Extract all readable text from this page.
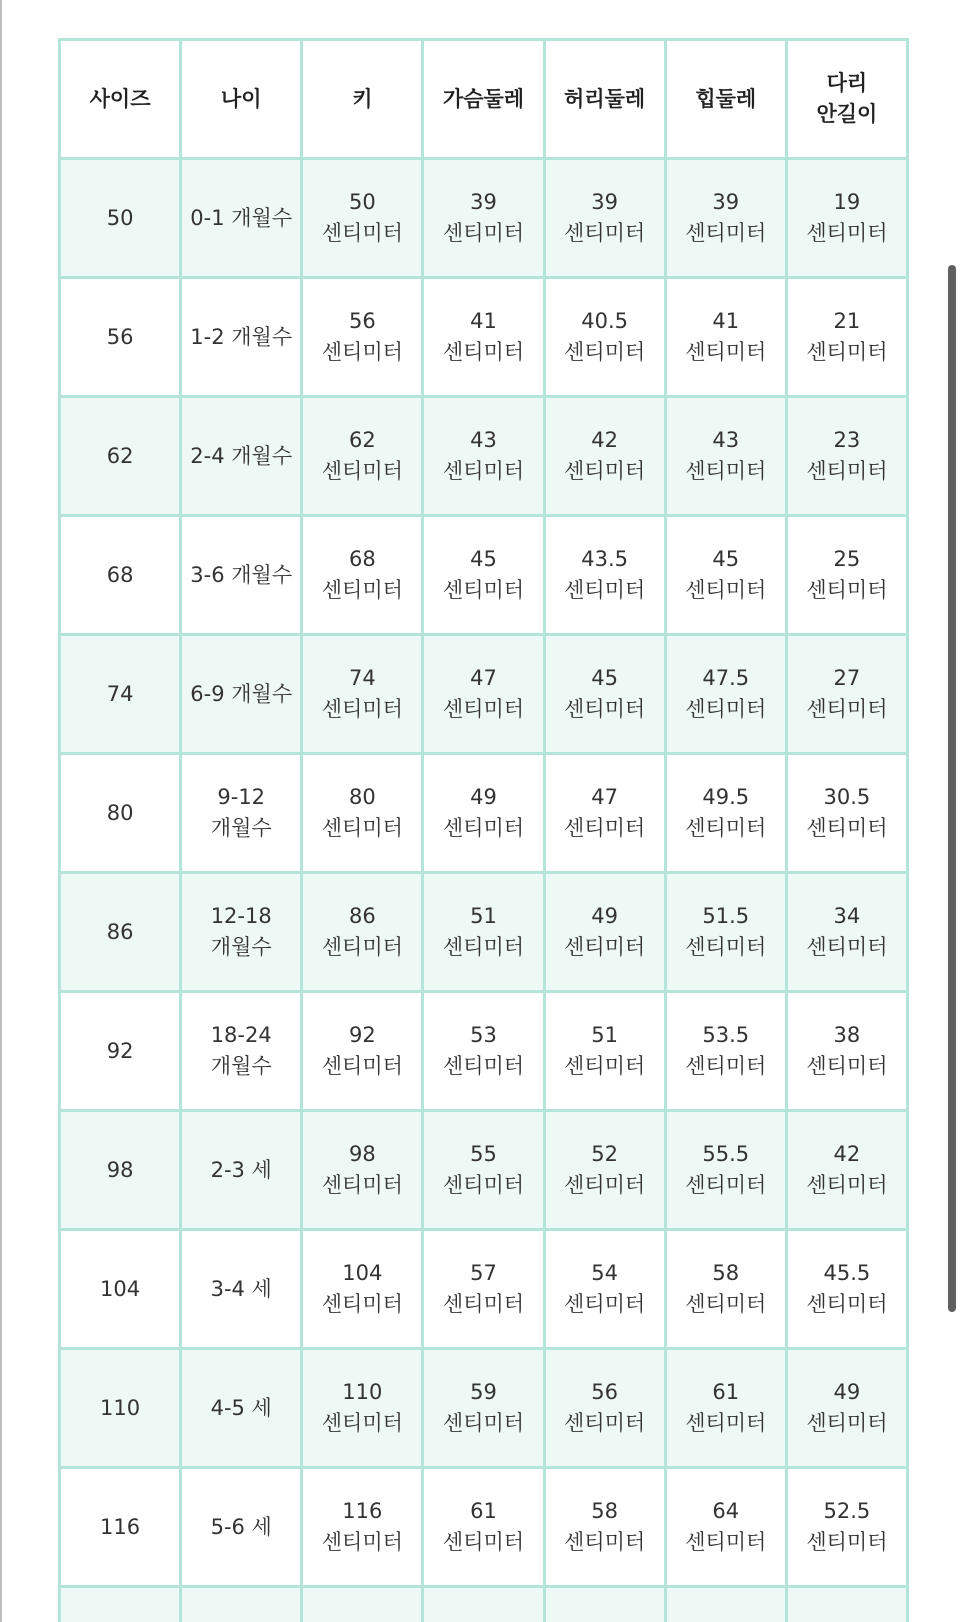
사이즈	나이	키	가슴둘레	허리둘레	힙둘레	다리 안길이
50	0-1 개월수	50 센티미터	39 센티미터	39 센티미터	39 센티미터	19 센티미터
56	1-2 개월수	56 센티미터	41 센티미터	40.5 센티미터	41 센티미터	21 센티미터
62	2-4 개월수	62 센티미터	43 센티미터	42 센티미터	43 센티미터	23 센티미터
68	3-6 개월수	68 센티미터	45 센티미터	43.5 센티미터	45 센티미터	25 센티미터
74	6-9 개월수	74 센티미터	47 센티미터	45 센티미터	47.5 센티미터	27 센티미터
80	9-12 개월수	80 센티미터	49 센티미터	47 센티미터	49.5 센티미터	30.5 센티미터
86	12-18 개월수	86 센티미터	51 센티미터	49 센티미터	51.5 센티미터	34 센티미터
92	18-24 개월수	92 센티미터	53 센티미터	51 센티미터	53.5 센티미터	38 센티미터
98	2-3 세	98 센티미터	55 센티미터	52 센티미터	55.5 센티미터	42 센티미터
104	3-4 세	104 센티미터	57 센티미터	54 센티미터	58 센티미터	45.5 센티미터
110	4-5 세	110 센티미터	59 센티미터	56 센티미터	61 센티미터	49 센티미터
116	5-6 세	116 센티미터	61 센티미터	58 센티미터	64 센티미터	52.5 센티미터
